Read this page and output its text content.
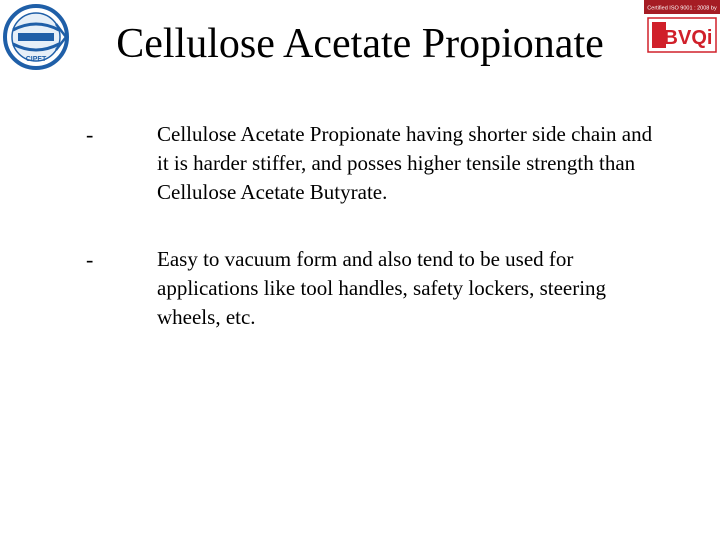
CIPET	Cellulose Acetate Propionate
Certified ISO 9001 : 2008 by
BVQi
-	Cellulose Acetate Propionate having shorter side chain and it is harder stiffer, and posses higher tensile strength than Cellulose Acetate Butyrate.
-	Easy to vacuum form and also tend to be used for applications like tool handles, safety lockers, steering wheels, etc.
